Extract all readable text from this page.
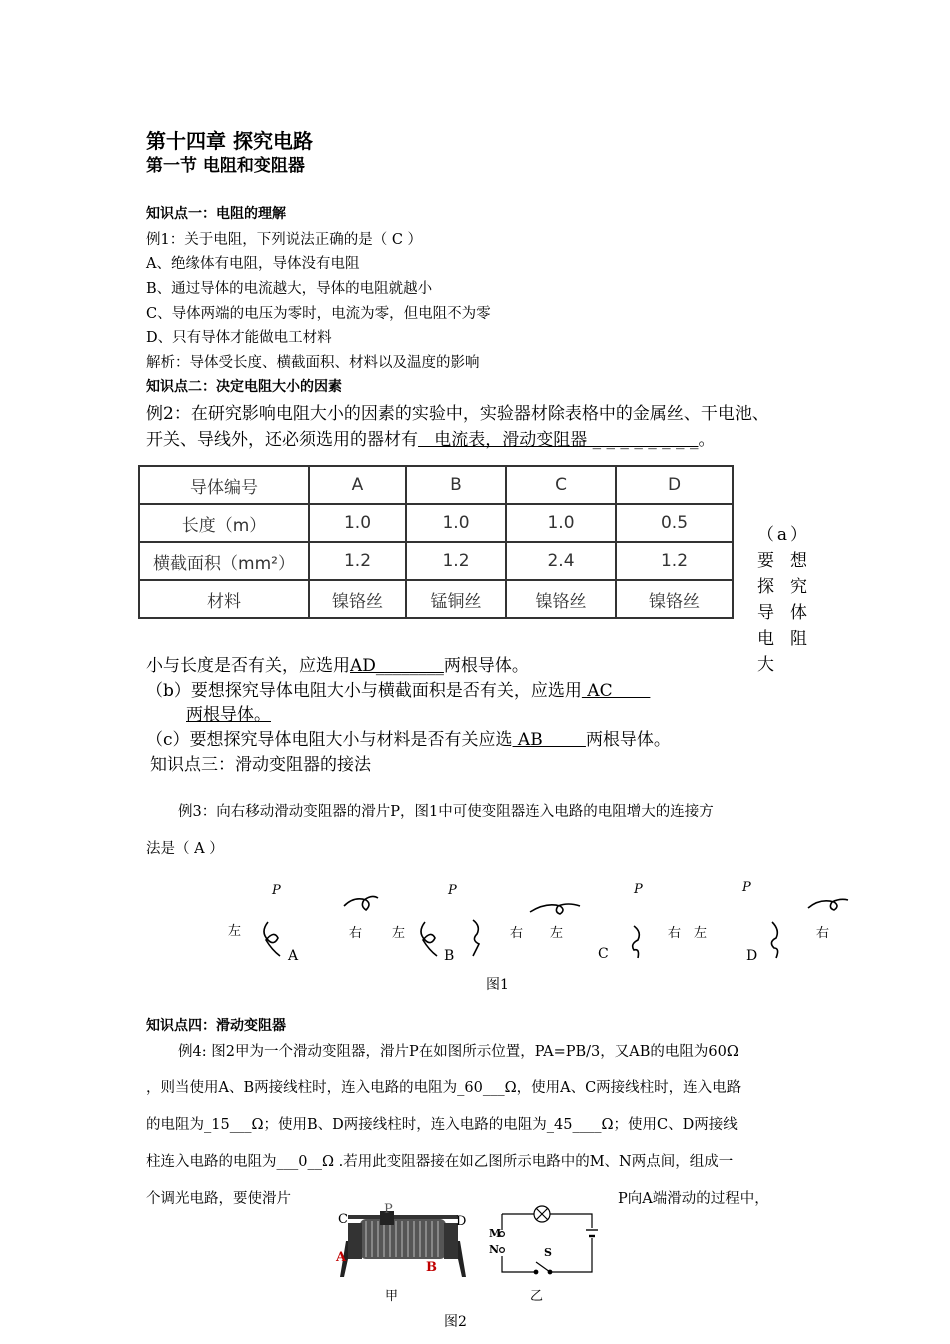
第十四章 探究电路
第一节 电阻和变阻器
知识点一：电阻的理解
例1：关于电阻，下列说法正确的是（ C ）
A、绝缘体有电阻，导体没有电阻
B、通过导体的电流越大，导体的电阻就越小
C、导体两端的电压为零时，电流为零，但电阻不为零
D、只有导体才能做电工材料
解析：导体受长度、横截面积、材料以及温度的影响
知识点二：决定电阻大小的因素
例2：在研究影响电阻大小的因素的实验中，实验器材除表格中的金属丝、干电池、
开关、导线外，还必须选用的器材有   电流表，滑动变阻器 _ _ _ _ _ _ _ _。
导体编号	A	B	C	D
长度（m）	1.0	1.0	1.0	0.5
横截面积（mm²）	1.2	1.2	2.4	1.2
材料	镍铬丝	锰铜丝	镍铬丝	镍铬丝
（a）要想探究导体电阻大
小与长度是否有关，应选用AD________两根导体。
（b）要想探究导体电阻大小与横截面积是否有关，应选用 AC
两根导体。
（c）要想探究导体电阻大小与材料是否有关应选 AB        两根导体。
知识点三：滑动变阻器的接法
例3：向右移动滑动变阻器的滑片P，图1中可使变阻器连入电路的电阻增大的连接方
法是（ A ）
P	P	P	P
左	右 左	右 左	右 左	右
A	B	C	D
图1
知识点四：滑动变阻器
例4: 图2甲为一个滑动变阻器，滑片P在如图所示位置，PA=PB/3，又AB的电阻为60Ω
，则当使用A、B两接线柱时，连入电路的电阻为_60___Ω，使用A、C两接线柱时，连入电路
的电阻为_15___Ω；使用B、D两接线柱时，连入电路的电阻为_45____Ω；使用C、D两接线
柱连入电路的电阻为___0__Ω .若用此变阻器接在如乙图所示电路中的M、N两点间，组成一
个调光电路，要使滑片	P向A端滑动的过程中，
C
P
D
A
B
甲
M
N	S
乙
图2
